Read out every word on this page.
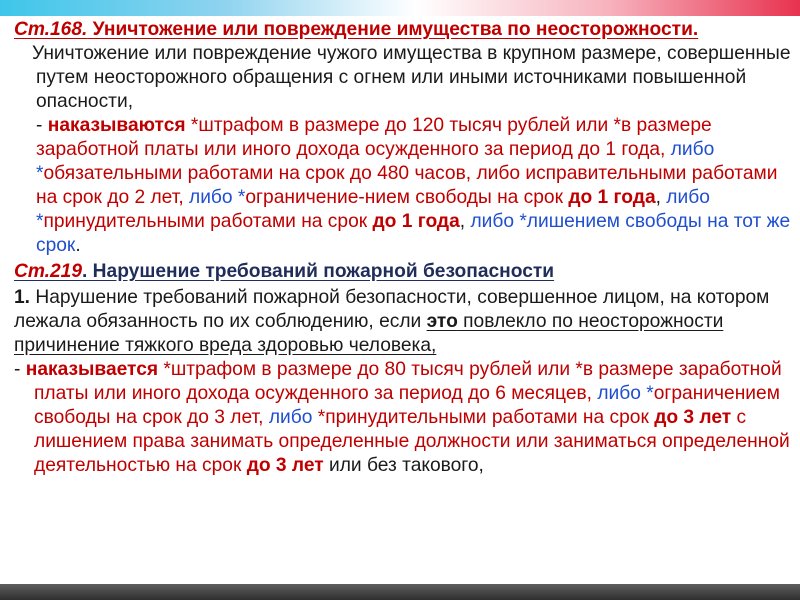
Ст.168. Уничтожение или повреждение имущества по неосторожности.

Уничтожение или повреждение чужого имущества в крупном размере, совершенные путем неосторожного обращения с огнем или иными источниками повышенной опасности,

- наказываются *штрафом в размере до 120 тысяч рублей или *в размере заработной платы или иного дохода осужденного за период до 1 года, либо *обязательными работами на срок до 480 часов, либо исправительными работами на срок до 2 лет, либо *ограничение-нием свободы на срок до 1 года, либо *принудительными работами на срок до 1 года, либо *лишением свободы на тот же срок.

Ст.219. Нарушение требований пожарной безопасности

1. Нарушение требований пожарной безопасности, совершенное лицом, на котором лежала обязанность по их соблюдению, если это повлекло по неосторожности причинение тяжкого вреда здоровью человека,

- наказывается *штрафом в размере до 80 тысяч рублей или *в размере заработной платы или иного дохода осужденного за период до 6 месяцев, либо *ограничением свободы на срок до 3 лет, либо *принудительными работами на срок до 3 лет с лишением права занимать определенные должности или заниматься определенной деятельностью на срок до 3 лет или без такового,
